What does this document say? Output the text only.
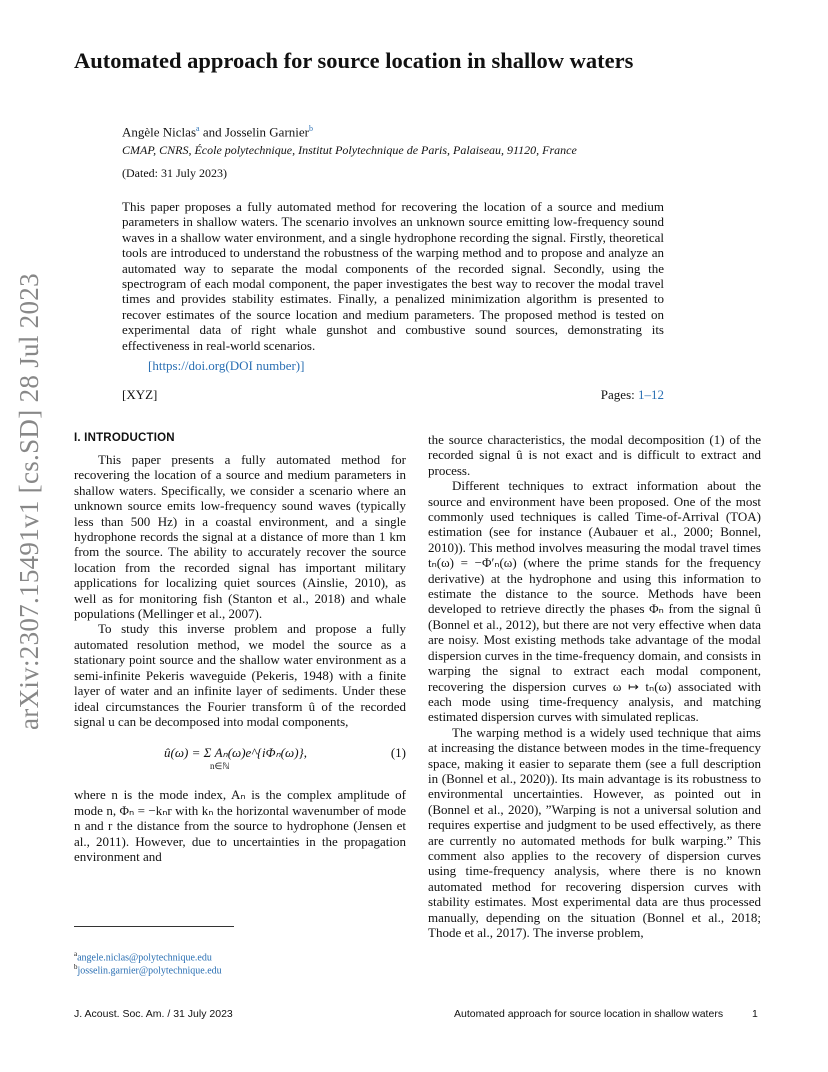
arXiv:2307.15491v1 [cs.SD] 28 Jul 2023
Automated approach for source location in shallow waters
Angèle Niclas$^a$ and Josselin Garnier$^b$
CMAP, CNRS, École polytechnique, Institut Polytechnique de Paris, Palaiseau, 91120, France
(Dated: 31 July 2023)

This paper proposes a fully automated method for recovering the location of a source and medium parameters in shallow waters. The scenario involves an unknown source emitting low-frequency sound waves in a shallow water environment, and a single hydrophone recording the signal. Firstly, theoretical tools are introduced to understand the robustness of the warping method and to propose and analyze an automated way to separate the modal components of the recorded signal. Secondly, using the spectrogram of each modal component, the paper investigates the best way to recover the modal travel times and provides stability estimates. Finally, a penalized minimization algorithm is presented to recover estimates of the source location and medium parameters. The proposed method is tested on experimental data of right whale gunshot and combustive sound sources, demonstrating its effectiveness in real-world scenarios.

[https://doi.org(DOI number)]
[XYZ]	Pages: 1–12
I. INTRODUCTION

This paper presents a fully automated method for recovering the location of a source and medium parameters in shallow waters. Specifically, we consider a scenario where an unknown source emits low-frequency sound waves (typically less than 500 Hz) in a coastal environment, and a single hydrophone records the signal at a distance of more than 1 km from the source. The ability to accurately recover the source location from the recorded signal has important military applications for localizing quiet sources (Ainslie, 2010), as well as for monitoring fish (Stanton et al., 2018) and whale populations (Mellinger et al., 2007).

To study this inverse problem and propose a fully automated resolution method, we model the source as a stationary point source and the shallow water environment as a semi-infinite Pekeris waveguide (Pekeris, 1948) with a finite layer of water and an infinite layer of sediments. Under these ideal circumstances the Fourier transform û of the recorded signal u can be decomposed into modal components,

û(ω) = Σ Aₙ(ω)e^{iΦₙ(ω)},
n∈ℕ
(1)

where n is the mode index, Aₙ is the complex amplitude of mode n, Φₙ = −kₙr with kₙ the horizontal wavenumber of mode n and r the distance from the source to hydrophone (Jensen et al., 2011). However, due to uncertainties in the propagation environment and

the source characteristics, the modal decomposition (1) of the recorded signal û is not exact and is difficult to extract and process.

Different techniques to extract information about the source and environment have been proposed. One of the most commonly used techniques is called Time-of-Arrival (TOA) estimation (see for instance (Aubauer et al., 2000; Bonnel, 2010)). This method involves measuring the modal travel times tₙ(ω) = −Φ′ₙ(ω) (where the prime stands for the frequency derivative) at the hydrophone and using this information to estimate the distance to the source. Methods have been developed to retrieve directly the phases Φₙ from the signal û (Bonnel et al., 2012), but there are not very effective when data are noisy. Most existing methods take advantage of the modal dispersion curves in the time-frequency domain, and consists in warping the signal to extract each modal component, recovering the dispersion curves ω ↦ tₙ(ω) associated with each mode using time-frequency analysis, and matching estimated dispersion curves with simulated replicas.

The warping method is a widely used technique that aims at increasing the distance between modes in the time-frequency space, making it easier to separate them (see a full description in (Bonnel et al., 2020)). Its main advantage is its robustness to environmental uncertainties. However, as pointed out in (Bonnel et al., 2020), ”Warping is not a universal solution and requires expertise and judgment to be used effectively, as there are currently no automated methods for bulk warping.” This comment also applies to the recovery of dispersion curves using time-frequency analysis, where there is no known automated method for recovering dispersion curves with stability estimates. Most experimental data are thus processed manually, depending on the situation (Bonnel et al., 2018; Thode et al., 2017). The inverse problem,

$^a$angele.niclas@polytechnique.edu
$^b$josselin.garnier@polytechnique.edu
J. Acoust. Soc. Am. / 31 July 2023	Automated approach for source location in shallow waters	1
